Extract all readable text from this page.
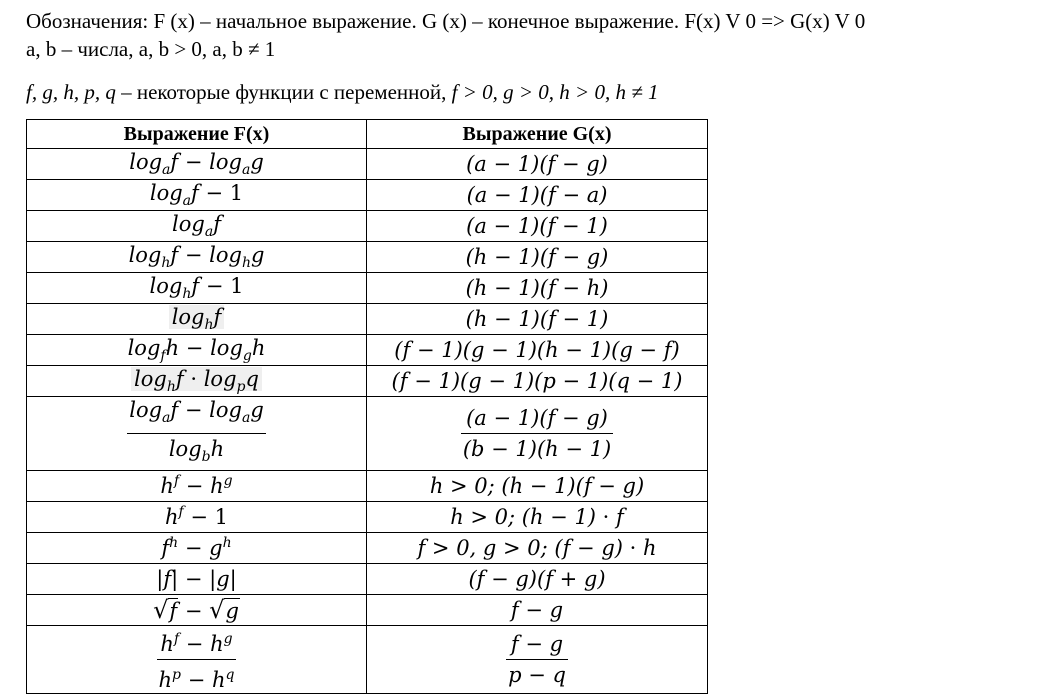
Обозначения: F (x) – начальное выражение. G (x) – конечное выражение. F(x) V 0 => G(x) V 0
a, b – числа, a, b > 0, a, b ≠ 1
f, g, h, p, q – некоторые функции с переменной, f > 0, g > 0, h > 0, h ≠ 1
Выражение F(x)	Выражение G(x)
$\log_af - \log_ag$	(a − 1)(f − g)
$\log_af - 1$	(a − 1)(f − a)
$\log_af$	(a − 1)(f − 1)
$\log_hf - \log_hg$	(h − 1)(f − g)
$\log_hf - 1$	(h − 1)(f − h)
$\log_hf$	(h − 1)(f − 1)
$\log_fh - \log_gh$	(f − 1)(g − 1)(h − 1)(g − f)
$\log_hf \cdot \log_pq$	(f − 1)(g − 1)(p − 1)(q − 1)

$\frac{\log_af - \log_ag}{\log_bh}$	$\frac{(a - 1)(f - g)}{(b - 1)(h - 1)}$

$h^f - h^g$	h > 0; (h − 1)(f − g)
$h^f - 1$	h > 0; (h − 1) · f
$f^h - g^h$	f > 0, g > 0; (f − g) · h
|f| − |g|	(f − g)(f + g)
√f − √g	f − g

$\frac{h^f - h^g}{h^p - h^q}$	$\frac{f - g}{p - q}$
